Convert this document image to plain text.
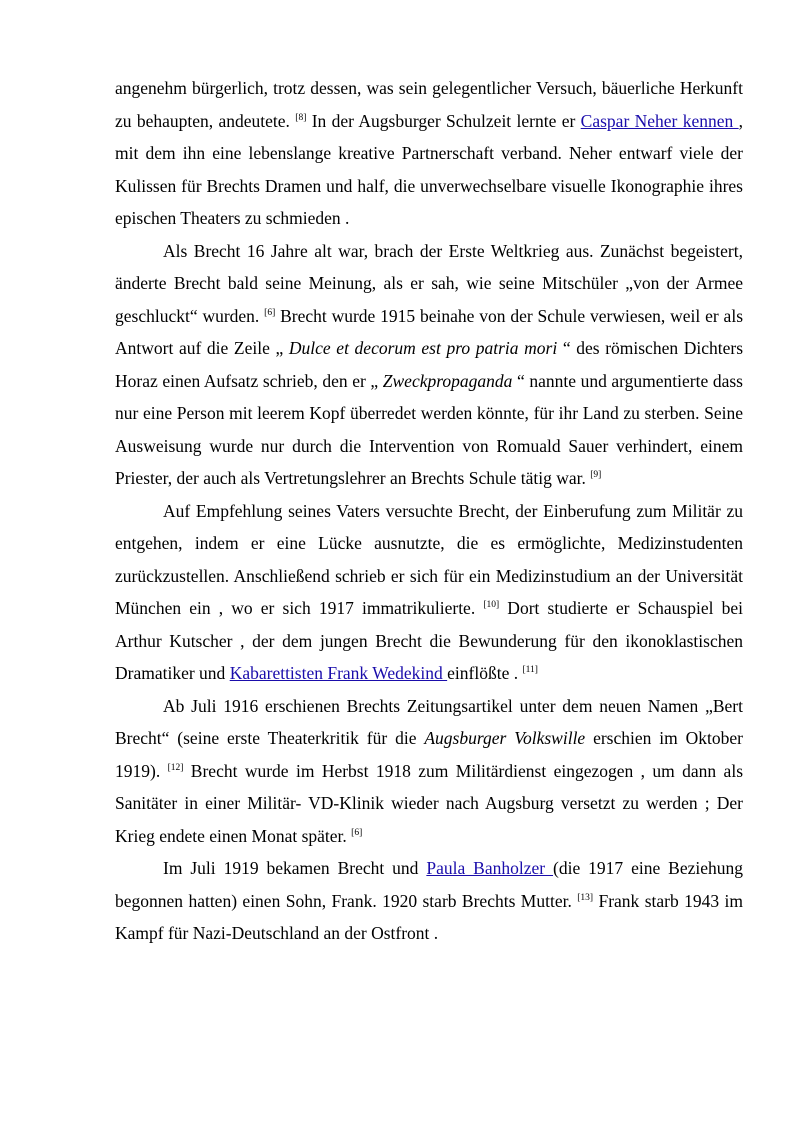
angenehm bürgerlich, trotz dessen, was sein gelegentlicher Versuch, bäuerliche Herkunft zu behaupten, andeutete. [8] In der Augsburger Schulzeit lernte er Caspar Neher kennen , mit dem ihn eine lebenslange kreative Partnerschaft verband. Neher entwarf viele der Kulissen für Brechts Dramen und half, die unverwechselbare visuelle Ikonographie ihres epischen Theaters zu schmieden .

Als Brecht 16 Jahre alt war, brach der Erste Weltkrieg aus. Zunächst begeistert, änderte Brecht bald seine Meinung, als er sah, wie seine Mitschüler „von der Armee geschluckt“ wurden. [6] Brecht wurde 1915 beinahe von der Schule verwiesen, weil er als Antwort auf die Zeile „ Dulce et decorum est pro patria mori “ des römischen Dichters Horaz einen Aufsatz schrieb, den er „ Zweckpropaganda “ nannte und argumentierte dass nur eine Person mit leerem Kopf überredet werden könnte, für ihr Land zu sterben. Seine Ausweisung wurde nur durch die Intervention von Romuald Sauer verhindert, einem Priester, der auch als Vertretungslehrer an Brechts Schule tätig war. [9]

Auf Empfehlung seines Vaters versuchte Brecht, der Einberufung zum Militär zu entgehen, indem er eine Lücke ausnutzte, die es ermöglichte, Medizinstudenten zurückzustellen. Anschließend schrieb er sich für ein Medizinstudium an der Universität München ein , wo er sich 1917 immatrikulierte. [10] Dort studierte er Schauspiel bei Arthur Kutscher , der dem jungen Brecht die Bewunderung für den ikonoklastischen Dramatiker und Kabarettisten Frank Wedekind einflößte . [11]

Ab Juli 1916 erschienen Brechts Zeitungsartikel unter dem neuen Namen „Bert Brecht“ (seine erste Theaterkritik für die Augsburger Volkswille erschien im Oktober 1919). [12] Brecht wurde im Herbst 1918 zum Militärdienst eingezogen , um dann als Sanitäter in einer Militär- VD-Klinik wieder nach Augsburg versetzt zu werden ; Der Krieg endete einen Monat später. [6]

Im Juli 1919 bekamen Brecht und Paula Banholzer (die 1917 eine Beziehung begonnen hatten) einen Sohn, Frank. 1920 starb Brechts Mutter. [13] Frank starb 1943 im Kampf für Nazi-Deutschland an der Ostfront .
